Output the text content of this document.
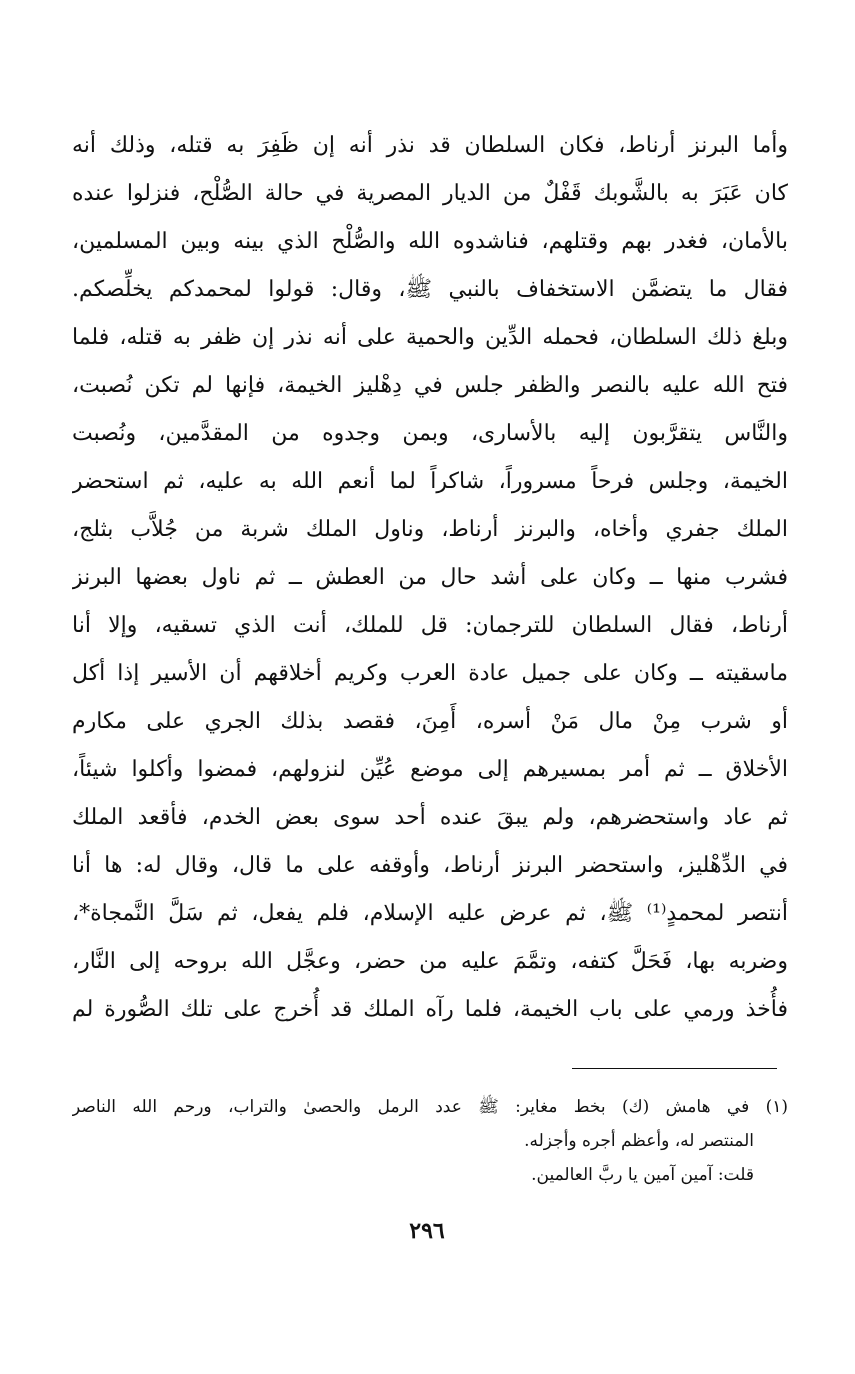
وأما البرنز أرناط، فكان السلطان قد نذر أنه إن ظَفِرَ به قتله، وذلك أنه
كان عَبَرَ به بالشَّوبك قَفْلٌ من الديار المصرية في حالة الصُّلْح، فنزلوا عنده
بالأمان، فغدر بهم وقتلهم، فناشدوه الله والصُّلْح الذي بينه وبين المسلمين،
فقال ما يتضمَّن الاستخفاف بالنبي ﷺ، وقال: قولوا لمحمدكم يخلِّصكم.
وبلغ ذلك السلطان، فحمله الدِّين والحمية على أنه نذر إن ظفر به قتله، فلما
فتح الله عليه بالنصر والظفر جلس في دِهْليز الخيمة، فإنها لم تكن نُصبت،
والنَّاس يتقرَّبون إليه بالأسارى، وبمن وجدوه من المقدَّمين، ونُصبت
الخيمة، وجلس فرحاً مسروراً، شاكراً لما أنعم الله به عليه، ثم استحضر
الملك جفري وأخاه، والبرنز أرناط، وناول الملك شربة من جُلاَّب بثلج،
فشرب منها ــ وكان على أشد حال من العطش ــ ثم ناول بعضها البرنز
أرناط، فقال السلطان للترجمان: قل للملك، أنت الذي تسقيه، وإلا أنا
ماسقيته ــ وكان على جميل عادة العرب وكريم أخلاقهم أن الأسير إذا أكل
أو شرب مِنْ مال مَنْ أسره، أَمِنَ، فقصد بذلك الجري على مكارم
الأخلاق ــ ثم أمر بمسيرهم إلى موضع عُيِّن لنزولهم، فمضوا وأكلوا شيئاً،
ثم عاد واستحضرهم، ولم يبقَ عنده أحد سوى بعض الخدم، فأقعد الملك
في الدِّهْليز، واستحضر البرنز أرناط، وأوقفه على ما قال، وقال له: ها أنا
أنتصر لمحمدٍ⁽¹⁾ ﷺ، ثم عرض عليه الإسلام، فلم يفعل، ثم سَلَّ النَّمجاة*،
وضربه بها، فَحَلَّ كتفه، وتمَّمَ عليه من حضر، وعجَّل الله بروحه إلى النَّار،
فأُخذ ورمي على باب الخيمة، فلما رآه الملك قد أُخرج على تلك الصُّورة لم
(١) في هامش (ك) بخط مغاير: ﷺ عدد الرمل والحصىٰ والتراب، ورحم الله الناصر
المنتصر له، وأعظم أجره وأجزله.
قلت: آمين آمين يا ربَّ العالمين.
٢٩٦
